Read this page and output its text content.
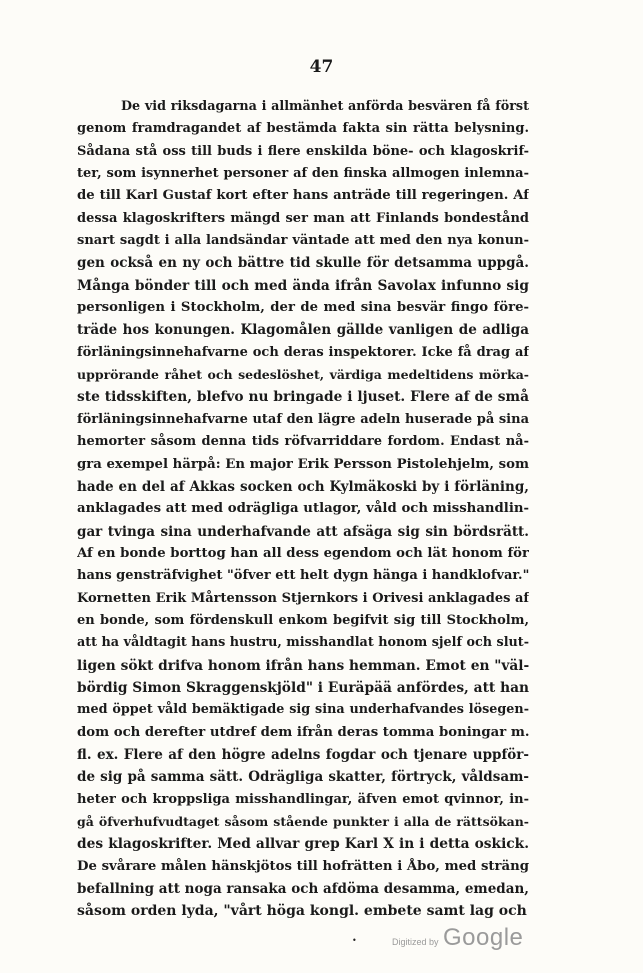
47
De vid riksdagarna i allmänhet anförda besvären få först
genom framdragandet af bestämda fakta sin rätta belysning.
Sådana stå oss till buds i flere enskilda böne- och klagoskrif-
ter, som isynnerhet personer af den finska allmogen inlemna-
de till Karl Gustaf kort efter hans anträde till regeringen. Af
dessa klagoskrifters mängd ser man att Finlands bondestånd
snart sagdt i alla landsändar väntade att med den nya konun-
gen också en ny och bättre tid skulle för detsamma uppgå.
Många bönder till och med ända ifrån Savolax infunno sig
personligen i Stockholm, der de med sina besvär fingo före-
träde hos konungen. Klagomålen gällde vanligen de adliga
förläningsinnehafvarne och deras inspektorer. Icke få drag af
upprörande råhet och sedeslöshet, värdiga medeltidens mörka-
ste tidsskiften, blefvo nu bringade i ljuset. Flere af de små
förläningsinnehafvarne utaf den lägre adeln huserade på sina
hemorter såsom denna tids röfvarriddare fordom. Endast nå-
gra exempel härpå: En major Erik Persson Pistolehjelm, som
hade en del af Akkas socken och Kylmäkoski by i förläning,
anklagades att med odrägliga utlagor, våld och misshandlin-
gar tvinga sina underhafvande att afsäga sig sin bördsrätt.
Af en bonde borttog han all dess egendom och lät honom för
hans gensträfvighet "öfver ett helt dygn hänga i handklofvar."
Kornetten Erik Mårtensson Stjernkors i Orivesi anklagades af
en bonde, som fördenskull enkom begifvit sig till Stockholm,
att ha våldtagit hans hustru, misshandlat honom sjelf och slut-
ligen sökt drifva honom ifrån hans hemman. Emot en "väl-
bördig Simon Skraggenskjöld" i Euräpää anfördes, att han
med öppet våld bemäktigade sig sina underhafvandes lösegen-
dom och derefter utdref dem ifrån deras tomma boningar m.
fl. ex. Flere af den högre adelns fogdar och tjenare uppför-
de sig på samma sätt. Odrägliga skatter, förtryck, våldsam-
heter och kroppsliga misshandlingar, äfven emot qvinnor, in-
gå öfverhufvudtaget såsom stående punkter i alla de rättsökan-
des klagoskrifter. Med allvar grep Karl X in i detta oskick.
De svårare målen hänskjötos till hofrätten i Åbo, med sträng
befallning att noga ransaka och afdöma desamma, emedan,
såsom orden lyda, "vårt höga kongl. embete samt lag och
•	Digitized by Google
